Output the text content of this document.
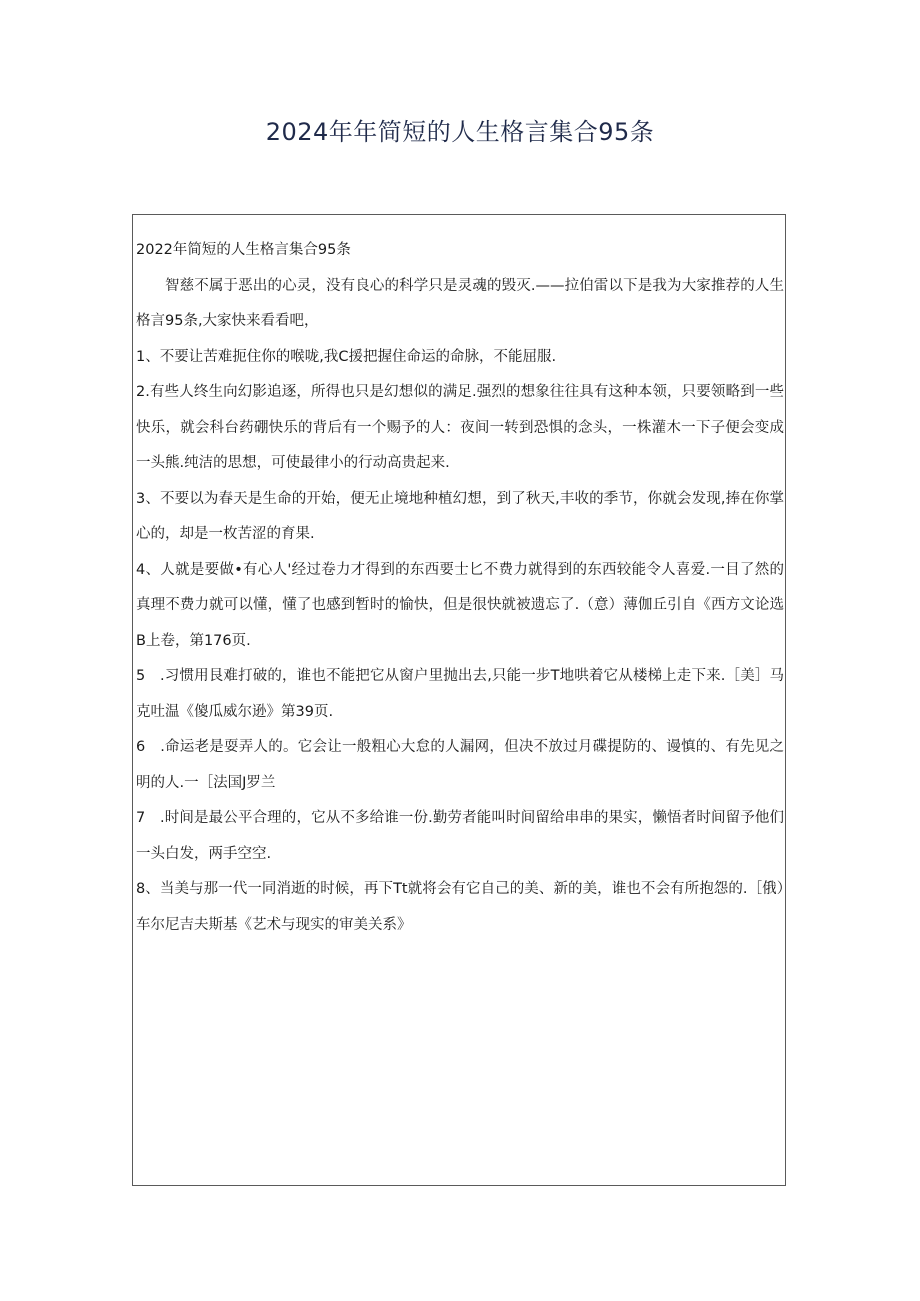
2024年年简短的人生格言集合95条

2022年简短的人生格言集合95条

智慈不属于恶出的心灵，没有良心的科学只是灵魂的毁灭.——拉伯雷以下是我为大家推荐的人生格言95条,大家快来看看吧，

1、不要让苦难扼住你的喉咙,我C援把握住命运的命脉，不能屈服.

2.有些人终生向幻影追逐，所得也只是幻想似的满足.强烈的想象往往具有这种本领，只要领略到一些快乐，就会科台药硼快乐的背后有一个赐予的人：夜间一转到恐惧的念头，一株灌木一下子便会变成一头熊.纯洁的思想，可使最律小的行动高贵起来.

3、不要以为春天是生命的开始，便无止境地种植幻想，到了秋天,丰收的季节，你就会发现,捧在你掌心的，却是一枚苦涩的育果.

4、人就是要做•有心人'经过卷力才得到的东西要士匕不费力就得到的东西较能令人喜爱.一目了然的真理不费力就可以懂，懂了也感到暂时的愉快，但是很快就被遗忘了.（意）薄伽丘引自《西方文论选B上卷，第176页.

5　.习惯用艮难打破的，谁也不能把它从窗户里抛出去,只能一步T地哄着它从楼梯上走下来.［美］马克吐温《傻瓜威尔逊》第39页.

6　.命运老是耍弄人的。它会让一般粗心大怠的人漏网，但决不放过月碟提防的、谩慎的、有先见之明的人.一［法国J罗兰

7　.时间是最公平合理的，它从不多给谁一份.勤劳者能叫时间留给串串的果实，懒悟者时间留予他们一头白发，两手空空.

8、当美与那一代一同消逝的时候，再下Tt就将会有它自己的美、新的美，谁也不会有所抱怨的.［俄）车尔尼吉夫斯基《艺术与现实的审美关系》
